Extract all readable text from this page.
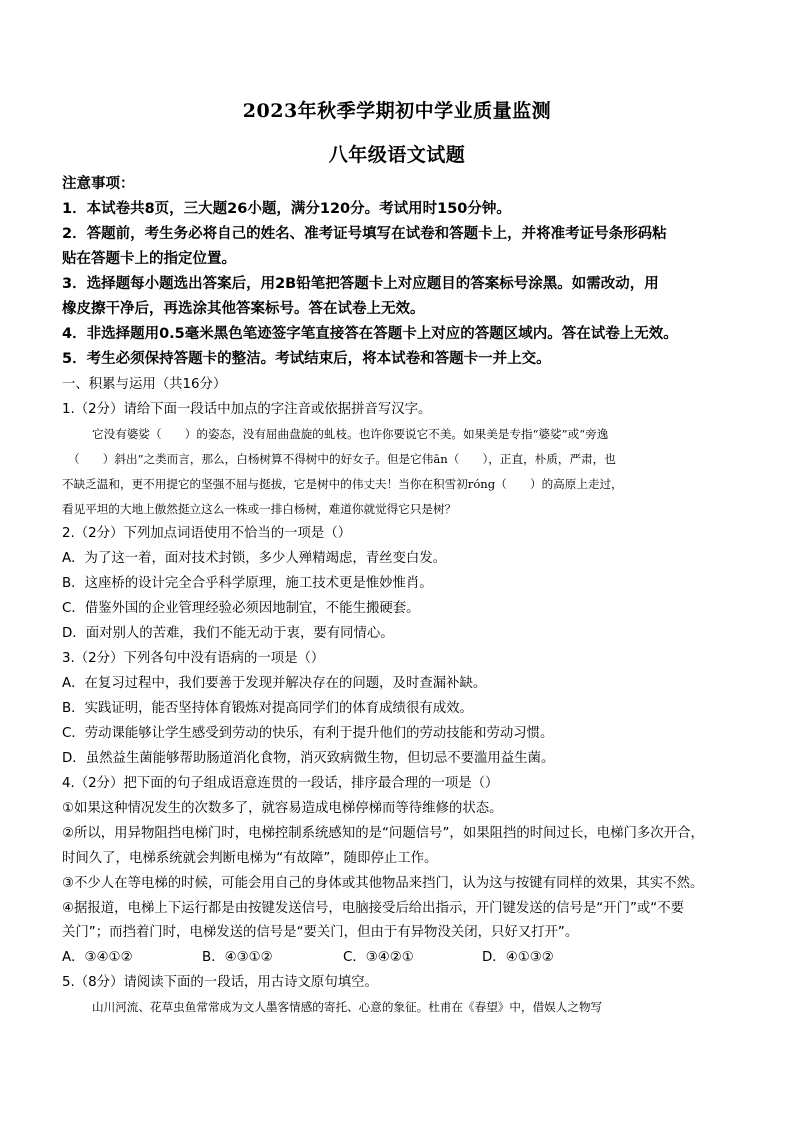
2023年秋季学期初中学业质量监测
八年级语文试题
注意事项：
1．本试卷共8页，三大题26小题，满分120分。考试用时150分钟。
2．答题前，考生务必将自己的姓名、准考证号填写在试卷和答题卡上，并将准考证号条形码粘
贴在答题卡上的指定位置。
3．选择题每小题选出答案后，用2B铅笔把答题卡上对应题目的答案标号涂黑。如需改动，用
橡皮擦干净后，再选涂其他答案标号。答在试卷上无效。
4．非选择题用0.5毫米黑色笔迹签字笔直接答在答题卡上对应的答题区域内。答在试卷上无效。
5．考生必须保持答题卡的整洁。考试结束后，将本试卷和答题卡一并上交。
一、积累与运用（共16分）
1.（2分）请给下面一段话中加点的字注音或依据拼音写汉字。
它没有婆娑（　　）的姿态，没有屈曲盘旋的虬枝。也许你要说它不美。如果美是专指“婆娑”或“旁逸
（　　）斜出”之类而言，那么，白杨树算不得树中的好女子。但是它伟ān（　　），正直，朴质，严肃，也
不缺乏温和，更不用提它的坚强不屈与挺拔，它是树中的伟丈夫！当你在积雪初róng（　　）的高原上走过，
看见平坦的大地上傲然挺立这么一株或一排白杨树，难道你就觉得它只是树？
2.（2分）下列加点词语使用不恰当的一项是（）
A．为了这一着，面对技术封锁，多少人殚精竭虑，青丝变白发。
B．这座桥的设计完全合乎科学原理，施工技术更是惟妙惟肖。
C．借鉴外国的企业管理经验必须因地制宜，不能生搬硬套。
D．面对别人的苦难，我们不能无动于衷，要有同情心。
3.（2分）下列各句中没有语病的一项是（）
A．在复习过程中，我们要善于发现并解决存在的问题，及时查漏补缺。
B．实践证明，能否坚持体育锻炼对提高同学们的体育成绩很有成效。
C．劳动课能够让学生感受到劳动的快乐，有利于提升他们的劳动技能和劳动习惯。
D．虽然益生菌能够帮助肠道消化食物，消灭致病微生物，但切忌不要滥用益生菌。
4.（2分）把下面的句子组成语意连贯的一段话，排序最合理的一项是（）
①如果这种情况发生的次数多了，就容易造成电梯停梯而等待维修的状态。
②所以，用异物阻挡电梯门时，电梯控制系统感知的是“问题信号”，如果阻挡的时间过长，电梯门多次开合，
时间久了，电梯系统就会判断电梯为“有故障”，随即停止工作。
③不少人在等电梯的时候，可能会用自己的身体或其他物品来挡门，认为这与按键有同样的效果，其实不然。
④据报道，电梯上下运行都是由按键发送信号，电脑接受后给出指示，开门键发送的信号是“开门”或“不要
关门”；而挡着门时，电梯发送的信号是“要关门，但由于有异物没关闭，只好又打开”。
A．③④①②	B．④③①②	C．③④②①	D．④①③②
5.（8分）请阅读下面的一段话，用古诗文原句填空。
山川河流、花草虫鱼常常成为文人墨客情感的寄托、心意的象征。杜甫在《春望》中，借娱人之物写
